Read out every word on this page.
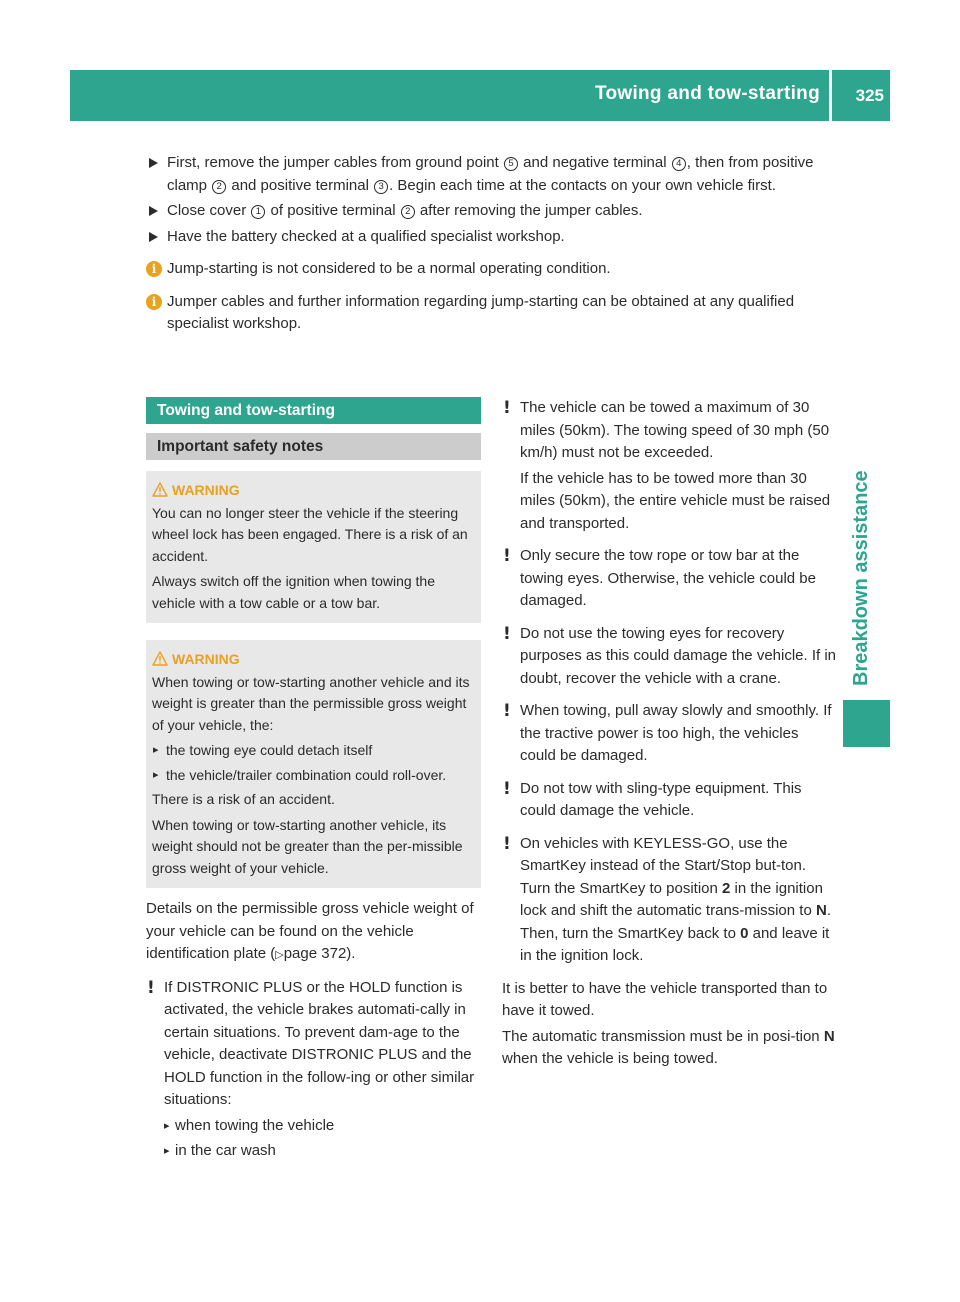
Towing and tow-starting 325
Breakdown assistance
First, remove the jumper cables from ground point 5 and negative terminal 4 , then from positive clamp 2 and positive terminal 3 . Begin each time at the contacts on your own vehicle first.
Close cover 1 of positive terminal 2 after removing the jumper cables.
Have the battery checked at a qualified specialist workshop.
i Jump-starting is not considered to be a normal operating condition.
i Jumper cables and further information regarding jump-starting can be obtained at any qualified specialist workshop.
Towing and tow-starting
Important safety notes
WARNING

You can no longer steer the vehicle if the steering wheel lock has been engaged. There is a risk of an accident.

Always switch off the ignition when towing the vehicle with a tow cable or a tow bar.

WARNING

When towing or tow-starting another vehicle and its weight is greater than the permissible gross weight of your vehicle, the:

▸ the towing eye could detach itself
▸ the vehicle/trailer combination could roll-over.

There is a risk of an accident.

When towing or tow-starting another vehicle, its weight should not be greater than the per-missible gross weight of your vehicle.

Details on the permissible gross vehicle weight of your vehicle can be found on the vehicle identification plate (▷page 372).
! If DISTRONIC PLUS or the HOLD function is activated, the vehicle brakes automati-cally in certain situations. To prevent dam-age to the vehicle, deactivate DISTRONIC PLUS and the HOLD function in the follow-ing or other similar situations:
▸ when towing the vehicle
▸ in the car wash
! The vehicle can be towed a maximum of 30 miles (50km). The towing speed of 30 mph (50 km/h) must not be exceeded.
If the vehicle has to be towed more than 30 miles (50km), the entire vehicle must be raised and transported.
! Only secure the tow rope or tow bar at the towing eyes. Otherwise, the vehicle could be damaged.
! Do not use the towing eyes for recovery purposes as this could damage the vehicle. If in doubt, recover the vehicle with a crane.
! When towing, pull away slowly and smoothly. If the tractive power is too high, the vehicles could be damaged.
! Do not tow with sling-type equipment. This could damage the vehicle.
! On vehicles with KEYLESS-GO, use the SmartKey instead of the Start/Stop but-ton. Turn the SmartKey to position 2 in the ignition lock and shift the automatic trans-mission to N. Then, turn the SmartKey back to 0 and leave it in the ignition lock.
It is better to have the vehicle transported than to have it towed.
The automatic transmission must be in posi-tion N when the vehicle is being towed.
